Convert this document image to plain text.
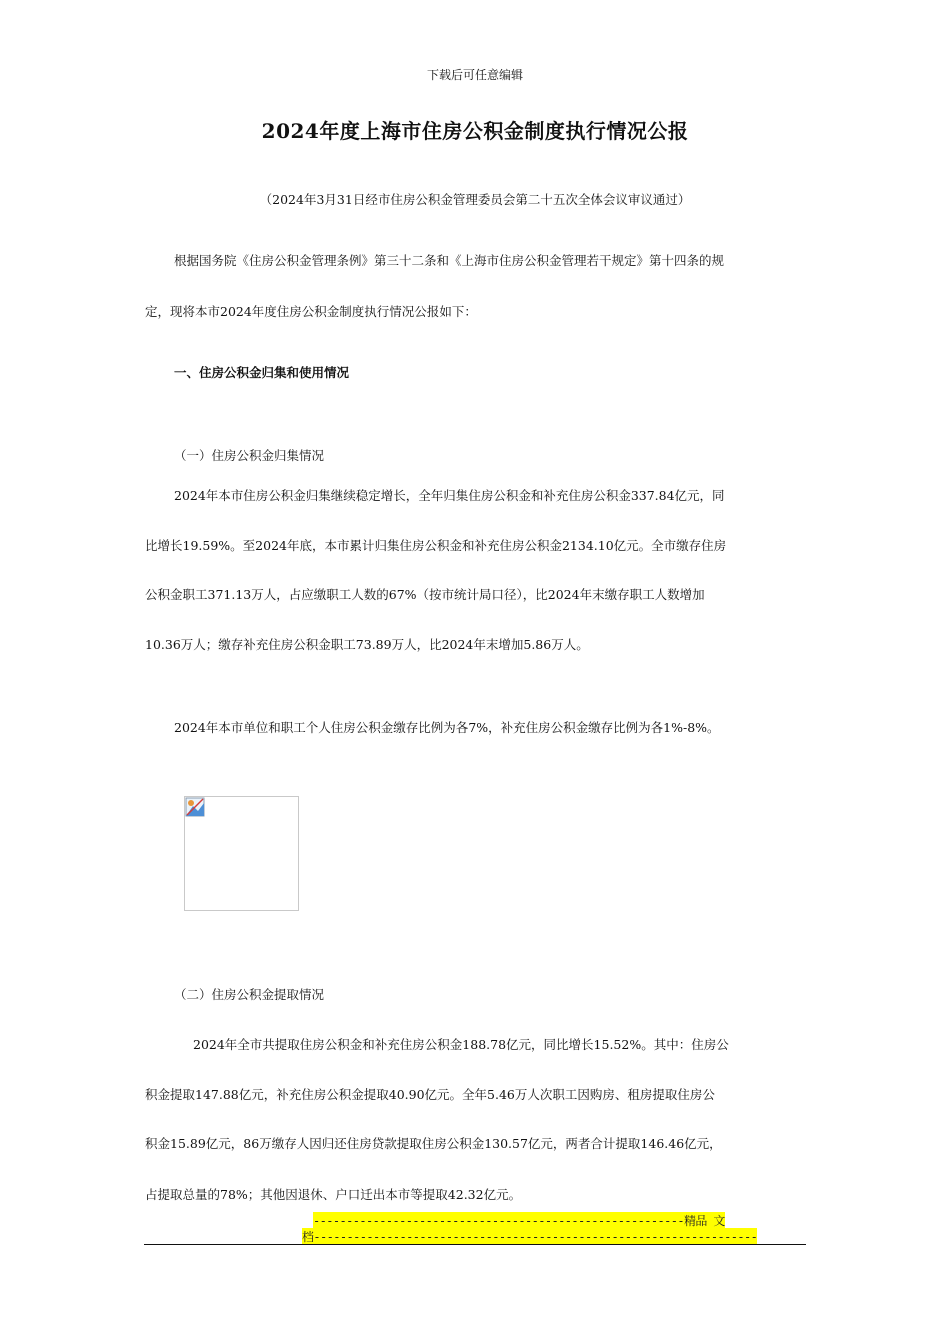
下载后可任意编辑
2024年度上海市住房公积金制度执行情况公报
（2024年3月31日经市住房公积金管理委员会第二十五次全体会议审议通过）
根据国务院《住房公积金管理条例》第三十二条和《上海市住房公积金管理若干规定》第十四条的规
定，现将本市2024年度住房公积金制度执行情况公报如下：
一、住房公积金归集和使用情况
（一）住房公积金归集情况
2024年本市住房公积金归集继续稳定增长，全年归集住房公积金和补充住房公积金337.84亿元，同
比增长19.59%。至2024年底，本市累计归集住房公积金和补充住房公积金2134.10亿元。全市缴存住房
公积金职工371.13万人，占应缴职工人数的67%（按市统计局口径），比2024年末缴存职工人数增加
10.36万人；缴存补充住房公积金职工73.89万人，比2024年末增加5.86万人。
2024年本市单位和职工个人住房公积金缴存比例为各7%，补充住房公积金缴存比例为各1%-8%。
（二）住房公积金提取情况
2024年全市共提取住房公积金和补充住房公积金188.78亿元，同比增长15.52%。其中：住房公
积金提取147.88亿元，补充住房公积金提取40.90亿元。全年5.46万人次职工因购房、租房提取住房公
积金15.89亿元，86万缴存人因归还住房贷款提取住房公积金130.57亿元，两者合计提取146.46亿元，
占提取总量的78%；其他因退休、户口迁出本市等提取42.32亿元。
--------------------------------------------------------精品 文
档-------------------------------------------------------------------
